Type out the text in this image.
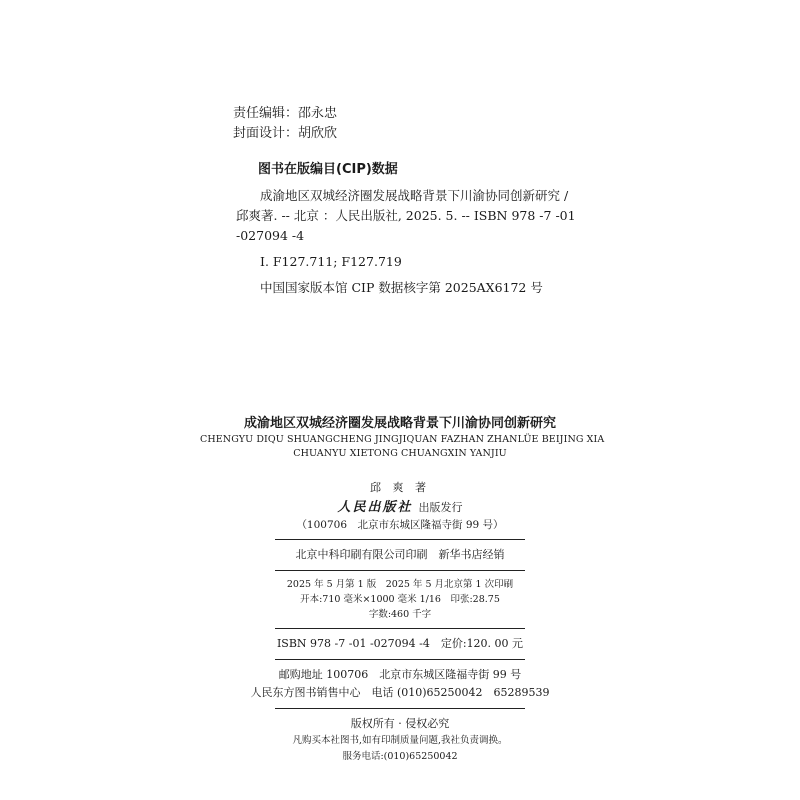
责任编辑：邵永忠
封面设计：胡欣欣
图书在版编目(CIP)数据
成渝地区双城经济圈发展战略背景下川渝协同创新研究 /
邱爽著. -- 北京 ：人民出版社, 2025. 5. -- ISBN 978 -7 -01
-027094 -4
Ⅰ. F127.711; F127.719
中国国家版本馆 CIP 数据核字第 2025AX6172 号
成渝地区双城经济圈发展战略背景下川渝协同创新研究
CHENGYU DIQU SHUANGCHENG JINGJIQUAN FAZHAN ZHANLÜE BEIJING XIA
CHUANYU XIETONG CHUANGXIN YANJIU
邱 爽 著
人民出版社 出版发行
（100706　北京市东城区隆福寺街 99 号）
北京中科印刷有限公司印刷　新华书店经销
2025 年 5 月第 1 版　2025 年 5 月北京第 1 次印刷
开本:710 毫米×1000 毫米 1/16　印张:28.75
字数:460 千字
ISBN 978 -7 -01 -027094 -4　定价:120. 00 元
邮购地址 100706　北京市东城区隆福寺街 99 号
人民东方图书销售中心　电话 (010)65250042　65289539
版权所有 · 侵权必究
凡购买本社图书,如有印制质量问题,我社负责调换。
服务电话:(010)65250042
